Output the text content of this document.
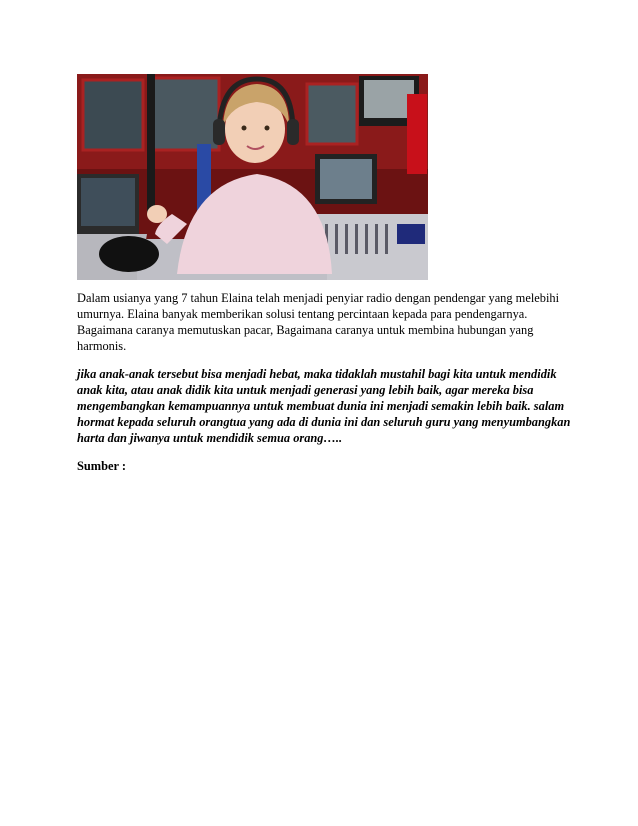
Dalam usianya yang 7 tahun Elaina telah menjadi penyiar radio dengan pendengar yang melebihi umurnya. Elaina banyak memberikan solusi tentang percintaan kepada para pendengarnya. Bagaimana caranya memutuskan pacar, Bagaimana caranya untuk membina hubungan yang harmonis.

jika anak-anak tersebut bisa menjadi hebat, maka tidaklah mustahil bagi kita untuk mendidik anak kita, atau anak didik kita untuk menjadi generasi yang lebih baik, agar mereka bisa mengembangkan kemampuannya untuk membuat dunia ini menjadi semakin lebih baik. salam hormat kepada seluruh orangtua yang ada di dunia ini dan seluruh guru yang menyumbangkan harta dan jiwanya untuk mendidik semua orang…..

Sumber :
